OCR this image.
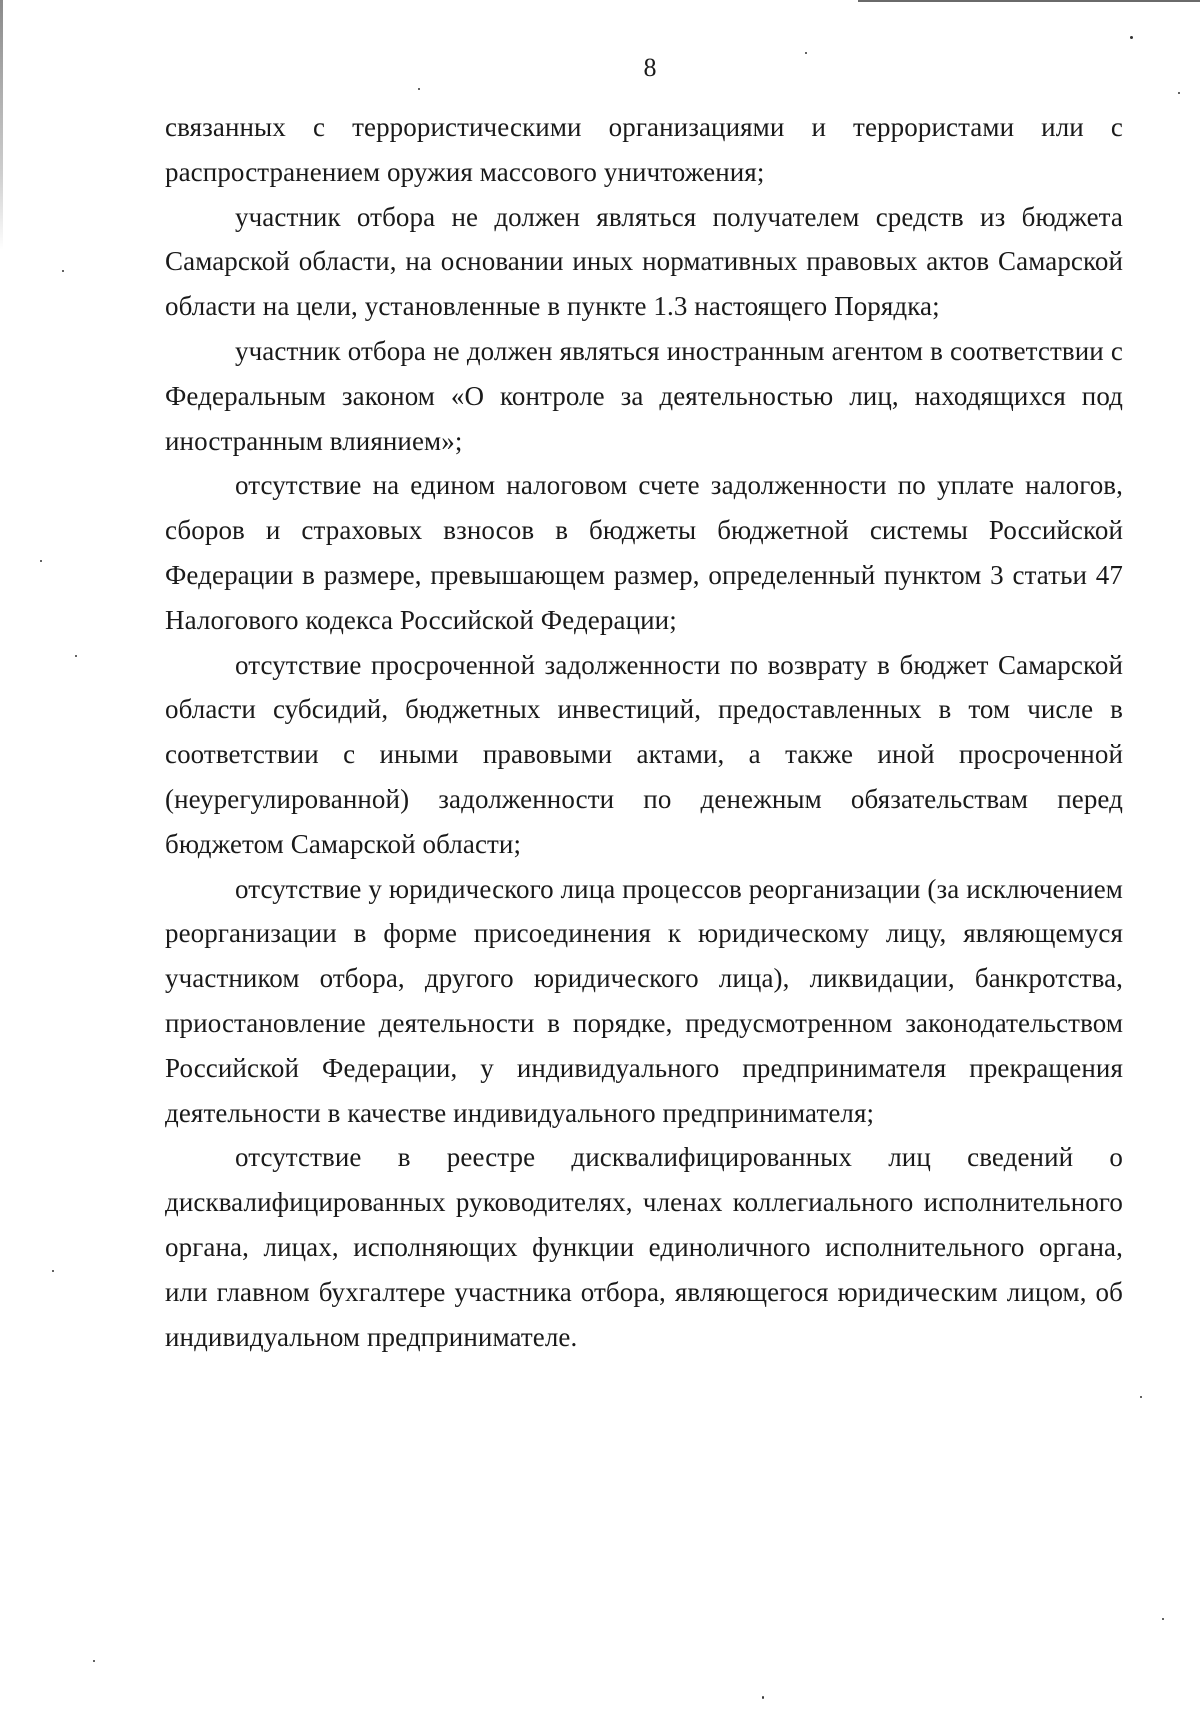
8

связанных с террористическими организациями и террористами или с распространением оружия массового уничтожения;

участник отбора не должен являться получателем средств из бюджета Самарской области, на основании иных нормативных правовых актов Самарской области на цели, установленные в пункте 1.3 настоящего Порядка;

участник отбора не должен являться иностранным агентом в соответствии с Федеральным законом «О контроле за деятельностью лиц, находящихся под иностранным влиянием»;

отсутствие на едином налоговом счете задолженности по уплате налогов, сборов и страховых взносов в бюджеты бюджетной системы Российской Федерации в размере, превышающем размер, определенный пунктом 3 статьи 47 Налогового кодекса Российской Федерации;

отсутствие просроченной задолженности по возврату в бюджет Самарской области субсидий, бюджетных инвестиций, предоставленных в том числе в соответствии с иными правовыми актами, а также иной просроченной (неурегулированной) задолженности по денежным обязательствам перед бюджетом Самарской области;

отсутствие у юридического лица процессов реорганизации (за исключением реорганизации в форме присоединения к юридическому лицу, являющемуся участником отбора, другого юридического лица), ликвидации, банкротства, приостановление деятельности в порядке, предусмотренном законодательством Российской Федерации, у индивидуального предпринимателя прекращения деятельности в качестве индивидуального предпринимателя;

отсутствие в реестре дисквалифицированных лиц сведений о дисквалифицированных руководителях, членах коллегиального исполнительного органа, лицах, исполняющих функции единоличного исполнительного органа, или главном бухгалтере участника отбора, являющегося юридическим лицом, об индивидуальном предпринимателе.
